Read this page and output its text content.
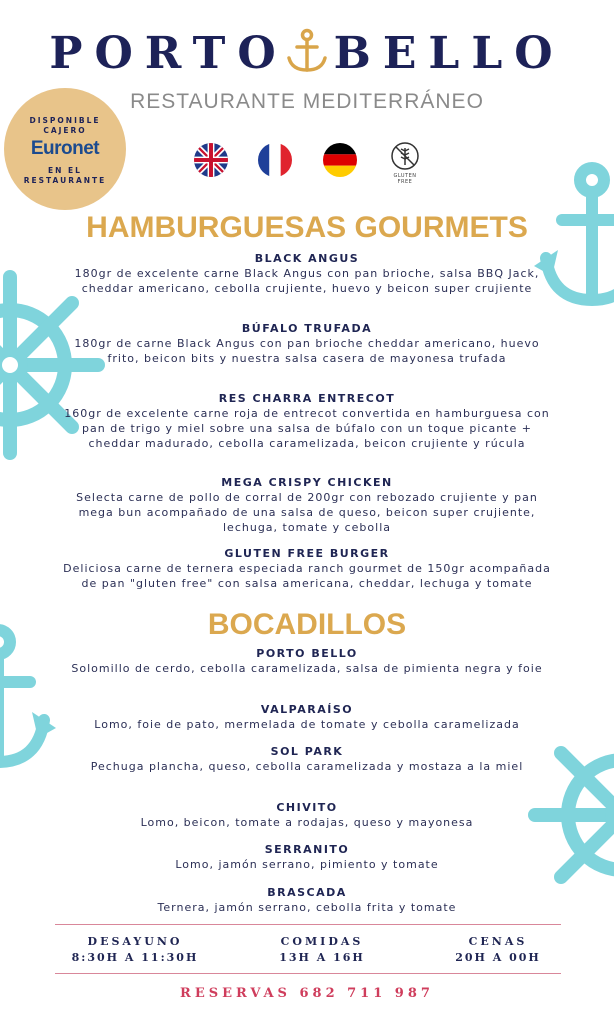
PORTO BELLO
RESTAURANTE MEDITERRÁNEO
DISPONIBLE
CAJERO
Euronet
EN EL
RESTAURANTE	GLUTEN FREE
HAMBURGUESAS GOURMETS
BLACK ANGUS
180gr de excelente carne Black Angus con pan brioche, salsa BBQ Jack, cheddar americano, cebolla crujiente, huevo y beicon super crujiente
BÚFALO TRUFADA
180gr de carne Black Angus con pan brioche cheddar americano, huevo frito, beicon bits y nuestra salsa casera de mayonesa trufada
RES CHARRA ENTRECOT
160gr de excelente carne roja de entrecot convertida en hamburguesa con pan de trigo y miel sobre una salsa de búfalo con un toque picante + cheddar madurado, cebolla caramelizada, beicon crujiente y rúcula
MEGA CRISPY CHICKEN
Selecta carne de pollo de corral de 200gr con rebozado crujiente y pan mega bun acompañado de una salsa de queso, beicon super crujiente, lechuga, tomate y cebolla
GLUTEN FREE BURGER
Deliciosa carne de ternera especiada ranch gourmet de 150gr acompañada de pan "gluten free" con salsa americana, cheddar, lechuga y tomate
BOCADILLOS
PORTO BELLO
Solomillo de cerdo, cebolla caramelizada, salsa de pimienta negra y foie
VALPARAÍSO
Lomo, foie de pato, mermelada de tomate y cebolla caramelizada
SOL PARK
Pechuga plancha, queso, cebolla caramelizada y mostaza a la miel
CHIVITO
Lomo, beicon, tomate a rodajas, queso y mayonesa
SERRANITO
Lomo, jamón serrano, pimiento y tomate
BRASCADA
Ternera, jamón serrano, cebolla frita y tomate
DESAYUNO
8:30H A 11:30H
COMIDAS
13H A 16H
CENAS
20H A 00H
RESERVAS 682 711 987
